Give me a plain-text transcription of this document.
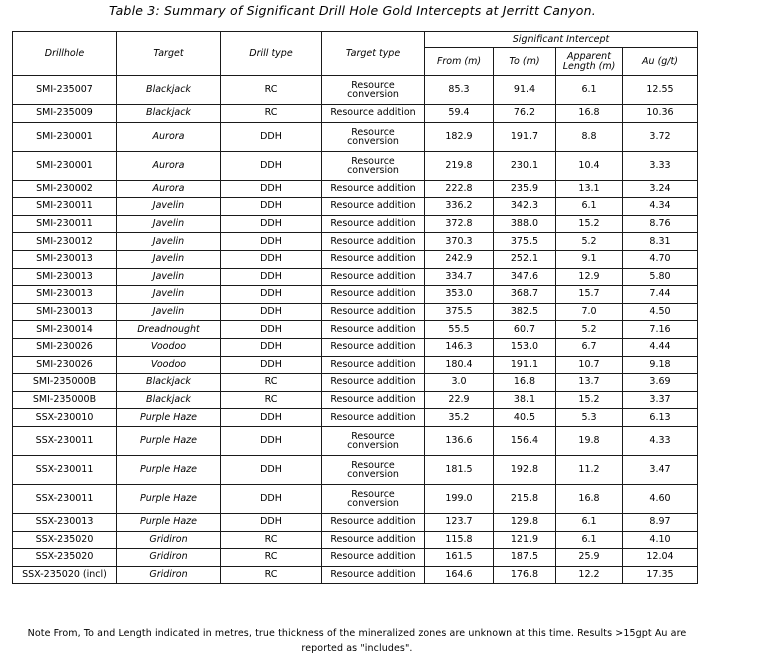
Table 3: Summary of Significant Drill Hole Gold Intercepts at Jerritt Canyon.
Drillhole	Target	Drill type	Target type	Significant Intercept			
				From (m)	To (m)	Apparent Length (m)	Au (g/t)
SMI-235007	Blackjack	RC	Resource conversion	85.3	91.4	6.1	12.55
SMI-235009	Blackjack	RC	Resource addition	59.4	76.2	16.8	10.36
SMI-230001	Aurora	DDH	Resource conversion	182.9	191.7	8.8	3.72
SMI-230001	Aurora	DDH	Resource conversion	219.8	230.1	10.4	3.33
SMI-230002	Aurora	DDH	Resource addition	222.8	235.9	13.1	3.24
SMI-230011	Javelin	DDH	Resource addition	336.2	342.3	6.1	4.34
SMI-230011	Javelin	DDH	Resource addition	372.8	388.0	15.2	8.76
SMI-230012	Javelin	DDH	Resource addition	370.3	375.5	5.2	8.31
SMI-230013	Javelin	DDH	Resource addition	242.9	252.1	9.1	4.70
SMI-230013	Javelin	DDH	Resource addition	334.7	347.6	12.9	5.80
SMI-230013	Javelin	DDH	Resource addition	353.0	368.7	15.7	7.44
SMI-230013	Javelin	DDH	Resource addition	375.5	382.5	7.0	4.50
SMI-230014	Dreadnought	DDH	Resource addition	55.5	60.7	5.2	7.16
SMI-230026	Voodoo	DDH	Resource addition	146.3	153.0	6.7	4.44
SMI-230026	Voodoo	DDH	Resource addition	180.4	191.1	10.7	9.18
SMI-235000B	Blackjack	RC	Resource addition	3.0	16.8	13.7	3.69
SMI-235000B	Blackjack	RC	Resource addition	22.9	38.1	15.2	3.37
SSX-230010	Purple Haze	DDH	Resource addition	35.2	40.5	5.3	6.13
SSX-230011	Purple Haze	DDH	Resource conversion	136.6	156.4	19.8	4.33
SSX-230011	Purple Haze	DDH	Resource conversion	181.5	192.8	11.2	3.47
SSX-230011	Purple Haze	DDH	Resource conversion	199.0	215.8	16.8	4.60
SSX-230013	Purple Haze	DDH	Resource addition	123.7	129.8	6.1	8.97
SSX-235020	Gridiron	RC	Resource addition	115.8	121.9	6.1	4.10
SSX-235020	Gridiron	RC	Resource addition	161.5	187.5	25.9	12.04
SSX-235020 (incl)	Gridiron	RC	Resource addition	164.6	176.8	12.2	17.35
Note From, To and Length indicated in metres, true thickness of the mineralized zones are unknown at this time. Results >15gpt Au are reported as "includes".
